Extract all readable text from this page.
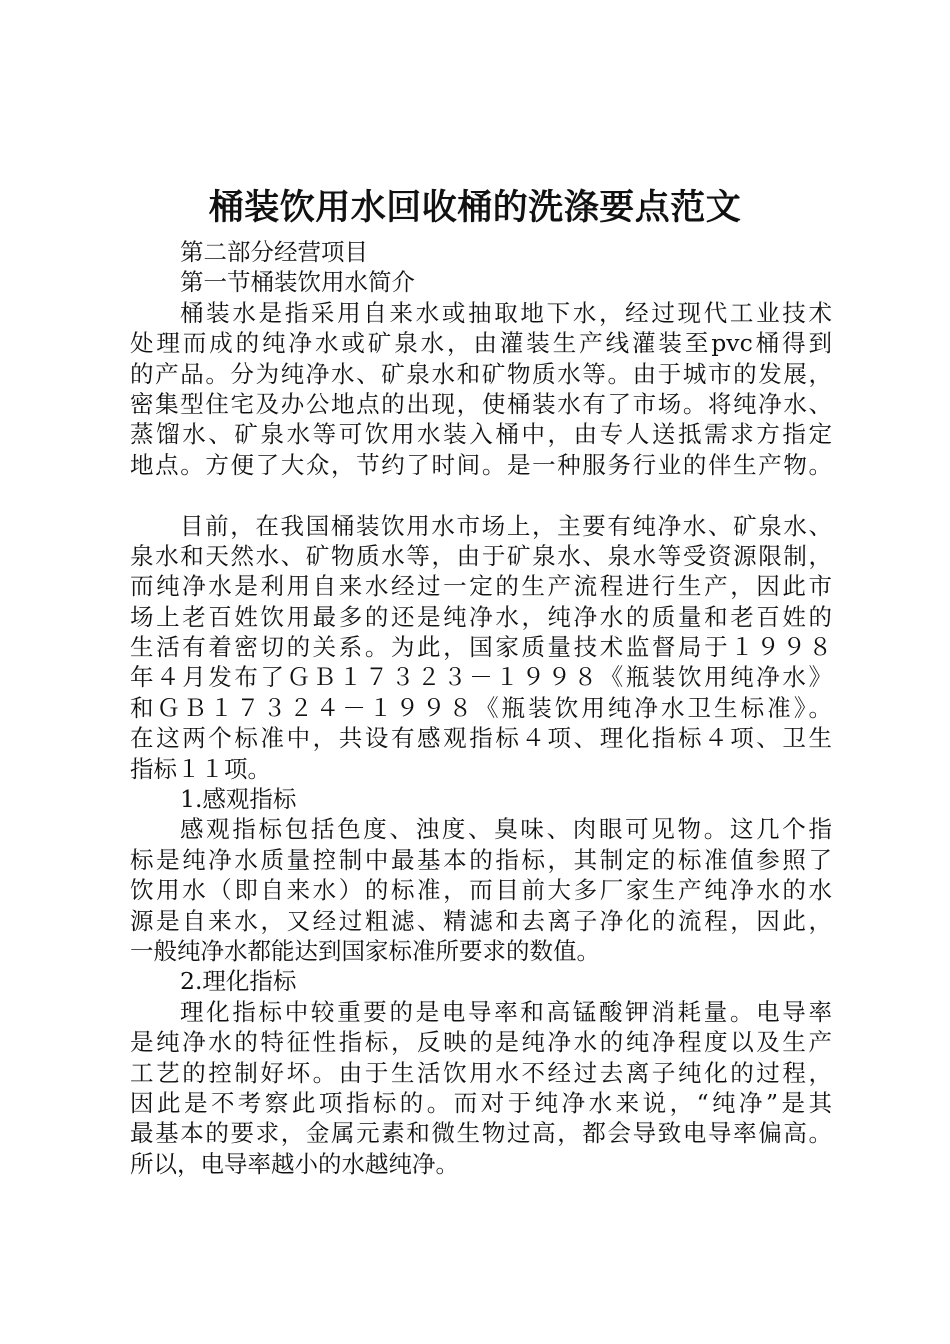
桶装饮用水回收桶的洗涤要点范文
第二部分经营项目
第一节桶装饮用水简介
桶装水是指采用自来水或抽取地下水，经过现代工业技术
处理而成的纯净水或矿泉水，由灌装生产线灌装至pvc桶得到
的产品。分为纯净水、矿泉水和矿物质水等。由于城市的发展，
密集型住宅及办公地点的出现，使桶装水有了市场。将纯净水、
蒸馏水、矿泉水等可饮用水装入桶中，由专人送抵需求方指定
地点。方便了大众，节约了时间。是一种服务行业的伴生产物。
目前，在我国桶装饮用水市场上，主要有纯净水、矿泉水、
泉水和天然水、矿物质水等，由于矿泉水、泉水等受资源限制，
而纯净水是利用自来水经过一定的生产流程进行生产，因此市
场上老百姓饮用最多的还是纯净水，纯净水的质量和老百姓的
生活有着密切的关系。为此，国家质量技术监督局于１９９８
年４月发布了ＧＢ１７３２３－１９９８《瓶装饮用纯净水》
和ＧＢ１７３２４－１９９８《瓶装饮用纯净水卫生标准》。
在这两个标准中，共设有感观指标４项、理化指标４项、卫生
指标１１项。
1.感观指标
感观指标包括色度、浊度、臭味、肉眼可见物。这几个指
标是纯净水质量控制中最基本的指标，其制定的标准值参照了
饮用水（即自来水）的标准，而目前大多厂家生产纯净水的水
源是自来水，又经过粗滤、精滤和去离子净化的流程，因此，
一般纯净水都能达到国家标准所要求的数值。
2.理化指标
理化指标中较重要的是电导率和高锰酸钾消耗量。电导率
是纯净水的特征性指标，反映的是纯净水的纯净程度以及生产
工艺的控制好坏。由于生活饮用水不经过去离子纯化的过程，
因此是不考察此项指标的。而对于纯净水来说，“纯净”是其
最基本的要求，金属元素和微生物过高，都会导致电导率偏高。
所以，电导率越小的水越纯净。
